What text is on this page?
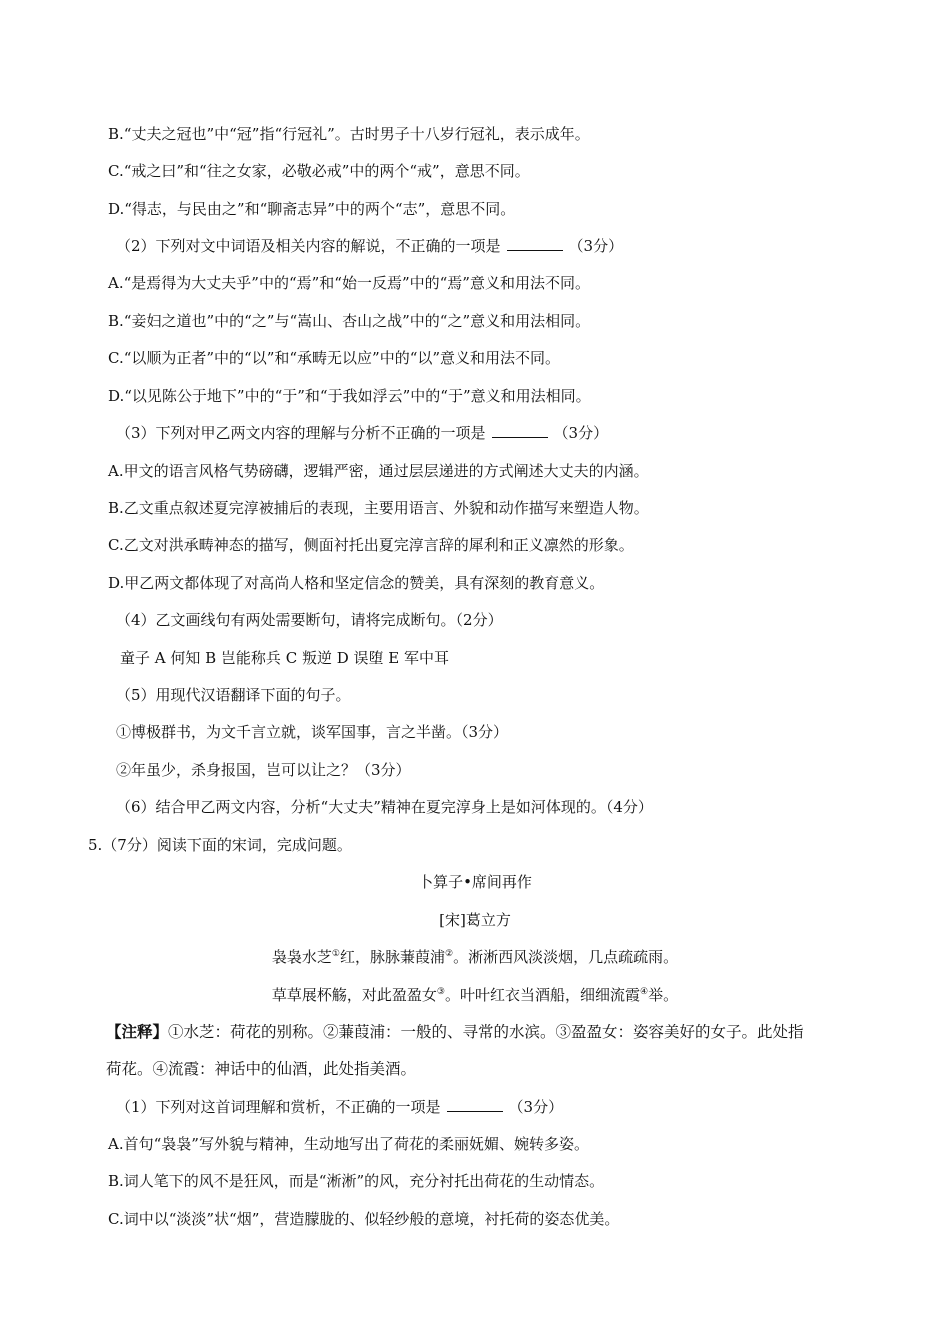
B.“丈夫之冠也”中“冠”指“行冠礼”。古时男子十八岁行冠礼，表示成年。
C.“戒之曰”和“往之女家，必敬必戒”中的两个“戒”，意思不同。
D.“得志，与民由之”和“聊斋志异”中的两个“志”，意思不同。
（2）下列对文中词语及相关内容的解说，不正确的一项是	（3分）
A.“是焉得为大丈夫乎”中的“焉”和“始一反焉”中的“焉”意义和用法不同。
B.“妾妇之道也”中的“之”与“嵩山、杏山之战”中的“之”意义和用法相同。
C.“以顺为正者”中的“以”和“承畴无以应”中的“以”意义和用法不同。
D.“以见陈公于地下”中的“于”和“于我如浮云”中的“于”意义和用法相同。
（3）下列对甲乙两文内容的理解与分析不正确的一项是	（3分）
A.甲文的语言风格气势磅礴，逻辑严密，通过层层递进的方式阐述大丈夫的内涵。
B.乙文重点叙述夏完淳被捕后的表现，主要用语言、外貌和动作描写来塑造人物。
C.乙文对洪承畴神态的描写，侧面衬托出夏完淳言辞的犀利和正义凛然的形象。
D.甲乙两文都体现了对高尚人格和坚定信念的赞美，具有深刻的教育意义。
（4）乙文画线句有两处需要断句，请将完成断句。（2分）
童子 A 何知 B 岂能称兵 C 叛逆 D 误堕 E 军中耳
（5）用现代汉语翻译下面的句子。
①博极群书，为文千言立就，谈军国事，言之半凿。（3分）
②年虽少，杀身报国，岂可以让之？（3分）
（6）结合甲乙两文内容，分析“大丈夫”精神在夏完淳身上是如河体现的。（4分）
5.（7分）阅读下面的宋词，完成问题。
卜算子•席间再作
[宋]葛立方
袅袅水芝①红，脉脉蒹葭浦②。淅淅西风淡淡烟，几点疏疏雨。
草草展杯觞，对此盈盈女③。叶叶红衣当酒船，细细流霞④举。
【注释】①水芝：荷花的别称。②蒹葭浦：一般的、寻常的水滨。③盈盈女：姿容美好的女子。此处指
荷花。④流霞：神话中的仙酒，此处指美酒。
（1）下列对这首词理解和赏析，不正确的一项是	（3分）
A.首句“袅袅”写外貌与精神，生动地写出了荷花的柔丽妩媚、婉转多姿。
B.词人笔下的风不是狂风，而是“淅淅”的风，充分衬托出荷花的生动情态。
C.词中以“淡淡”状“烟”，营造朦胧的、似轻纱般的意境，衬托荷的姿态优美。
